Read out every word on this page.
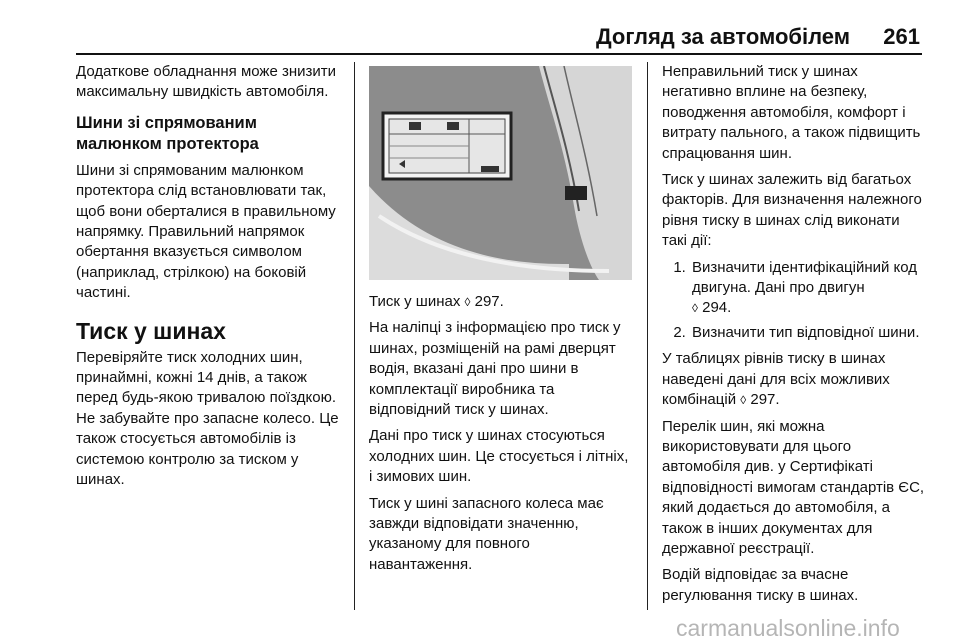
Догляд за автомобілем 261

Додаткове обладнання може знизити максимальну швидкість автомобіля.

Шини зі спрямованим малюнком протектора

Шини зі спрямованим малюнком протектора слід встановлювати так, щоб вони оберталися в правильному напрямку. Правильний напрямок обертання вказується символом (наприклад, стрілкою) на боковій частині.

Тиск у шинах

Перевіряйте тиск холодних шин, принаймні, кожні 14 днів, а також перед будь-якою тривалою поїздкою. Не забувайте про запасне колесо. Це також стосується автомобілів із системою контролю за тиском у шинах.

Тиск у шинах ◊ 297.

На наліпці з інформацією про тиск у шинах, розміщеній на рамі дверцят водія, вказані дані про шини в комплектації виробника та відповідний тиск у шинах.

Дані про тиск у шинах стосуються холодних шин. Це стосується і літніх, і зимових шин.

Тиск у шині запасного колеса має завжди відповідати значенню, указаному для повного навантаження.

Неправильний тиск у шинах негативно вплине на безпеку, поводження автомобіля, комфорт і витрату пального, а також підвищить спрацювання шин.

Тиск у шинах залежить від багатьох факторів. Для визначення належного рівня тиску в шинах слід виконати такі дії:

1. Визначити ідентифікаційний код двигуна. Дані про двигун
◊ 294.
2. Визначити тип відповідної шини.

У таблицях рівнів тиску в шинах наведені дані для всіх можливих комбінацій ◊ 297.

Перелік шин, які можна використовувати для цього автомобіля див. у Сертифікаті відповідності вимогам стандартів ЄС, який додається до автомобіля, а також в інших документах для державної реєстрації.

Водій відповідає за вчасне регулювання тиску в шинах.

carmanualsonline.info
